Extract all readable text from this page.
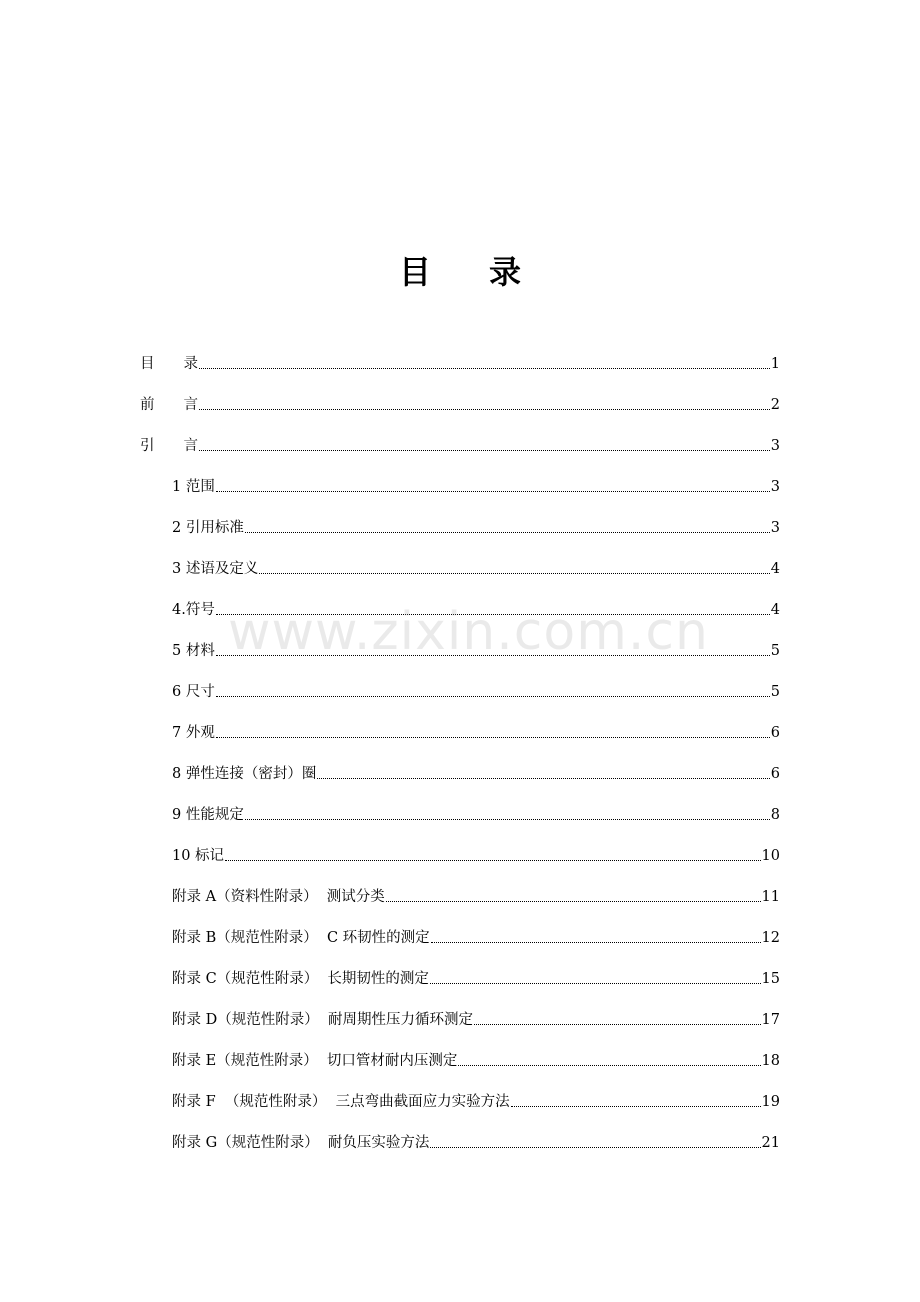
目 录
目　　录	1
前　　言	2
引　　言	3
1 范围	3
2 引用标准	3
3 述语及定义	4
4.符号	4
5 材料	5
6 尺寸	5
7 外观	6
8 弹性连接（密封）圈	6
9 性能规定	8
10 标记	10
附录 A（资料性附录）  测试分类	11
附录 B（规范性附录）  C 环韧性的测定	12
附录 C（规范性附录）  长期韧性的测定	15
附录 D（规范性附录）  耐周期性压力循环测定	17
附录 E（规范性附录）  切口管材耐内压测定	18
附录 F  （规范性附录）  三点弯曲截面应力实验方法	19
附录 G（规范性附录）  耐负压实验方法	21
www.zixin.com.cn
